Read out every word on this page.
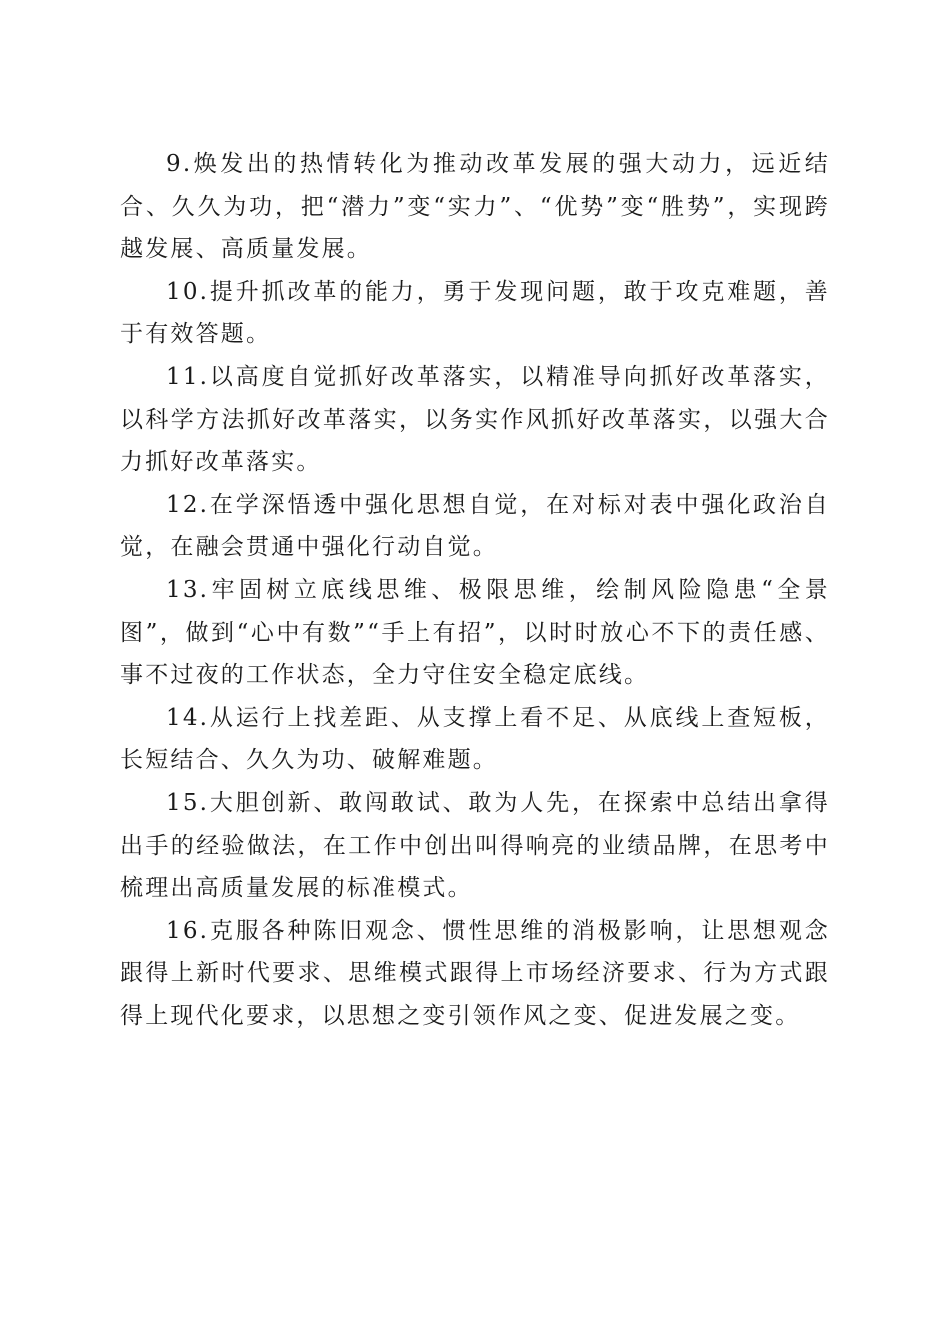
9.焕发出的热情转化为推动改革发展的强大动力，远近结合、久久为功，把“潜力”变“实力”、“优势”变“胜势”，实现跨越发展、高质量发展。

10.提升抓改革的能力，勇于发现问题，敢于攻克难题，善于有效答题。

11.以高度自觉抓好改革落实，以精准导向抓好改革落实，以科学方法抓好改革落实，以务实作风抓好改革落实，以强大合力抓好改革落实。

12.在学深悟透中强化思想自觉，在对标对表中强化政治自觉，在融会贯通中强化行动自觉。

13.牢固树立底线思维、极限思维，绘制风险隐患“全景图”，做到“心中有数”“手上有招”，以时时放心不下的责任感、事不过夜的工作状态，全力守住安全稳定底线。

14.从运行上找差距、从支撑上看不足、从底线上查短板，长短结合、久久为功、破解难题。

15.大胆创新、敢闯敢试、敢为人先，在探索中总结出拿得出手的经验做法，在工作中创出叫得响亮的业绩品牌，在思考中梳理出高质量发展的标准模式。

16.克服各种陈旧观念、惯性思维的消极影响，让思想观念跟得上新时代要求、思维模式跟得上市场经济要求、行为方式跟得上现代化要求，以思想之变引领作风之变、促进发展之变。
